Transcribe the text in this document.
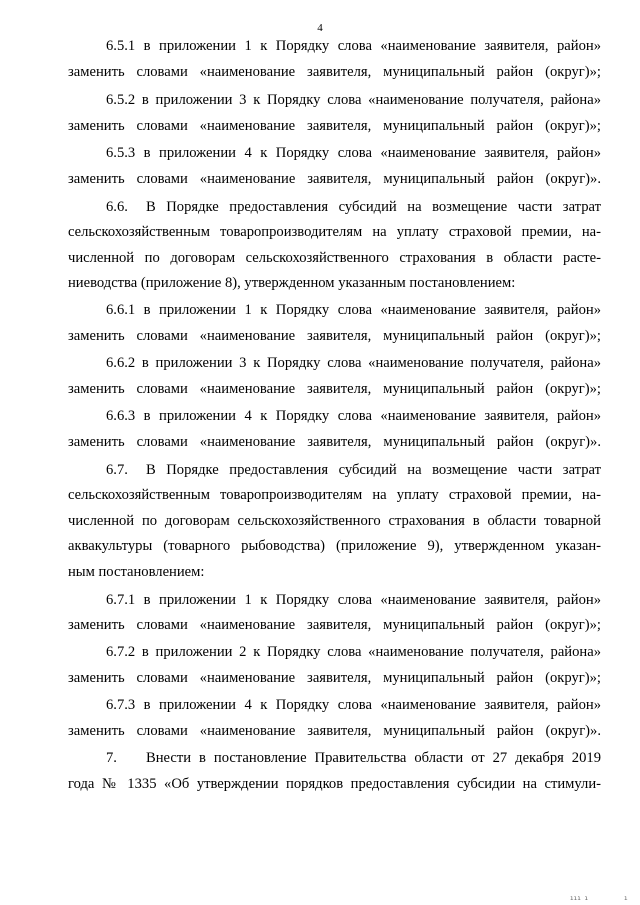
4
6.5.1 в приложении 1 к Порядку слова «наименование заявителя, район»
заменить словами «наименование заявителя, муниципальный район (округ)»;
6.5.2 в приложении 3 к Порядку слова «наименование получателя, района»
заменить словами «наименование заявителя, муниципальный район (округ)»;
6.5.3 в приложении 4 к Порядку слова «наименование заявителя, район»
заменить словами «наименование заявителя, муниципальный район (округ)».
6.6.	В Порядке предоставления субсидий на возмещение части затрат
сельскохозяйственным товаропроизводителям на уплату страховой премии, на-
численной по договорам сельскохозяйственного страхования в области расте-
ниеводства (приложение 8), утвержденном указанным постановлением:
6.6.1 в приложении 1 к Порядку слова «наименование заявителя, район»
заменить словами «наименование заявителя, муниципальный район (округ)»;
6.6.2 в приложении 3 к Порядку слова «наименование получателя, района»
заменить словами «наименование заявителя, муниципальный район (округ)»;
6.6.3 в приложении 4 к Порядку слова «наименование заявителя, район»
заменить словами «наименование заявителя, муниципальный район (округ)».
6.7.	В Порядке предоставления субсидий на возмещение части затрат
сельскохозяйственным товаропроизводителям на уплату страховой премии, на-
численной по договорам сельскохозяйственного страхования в области товарной
аквакультуры (товарного рыбоводства) (приложение 9), утвержденном указан-
ным постановлением:
6.7.1 в приложении 1 к Порядку слова «наименование заявителя, район»
заменить словами «наименование заявителя, муниципальный район (округ)»;
6.7.2 в приложении 2 к Порядку слова «наименование получателя, района»
заменить словами «наименование заявителя, муниципальный район (округ)»;
6.7.3 в приложении 4 к Порядку слова «наименование заявителя, район»
заменить словами «наименование заявителя, муниципальный район (округ)».
7.	Внести в постановление Правительства области от 27 декабря 2019
года № 1335 «Об утверждении порядков предоставления субсидии на стимули-
ııı ı	ı
